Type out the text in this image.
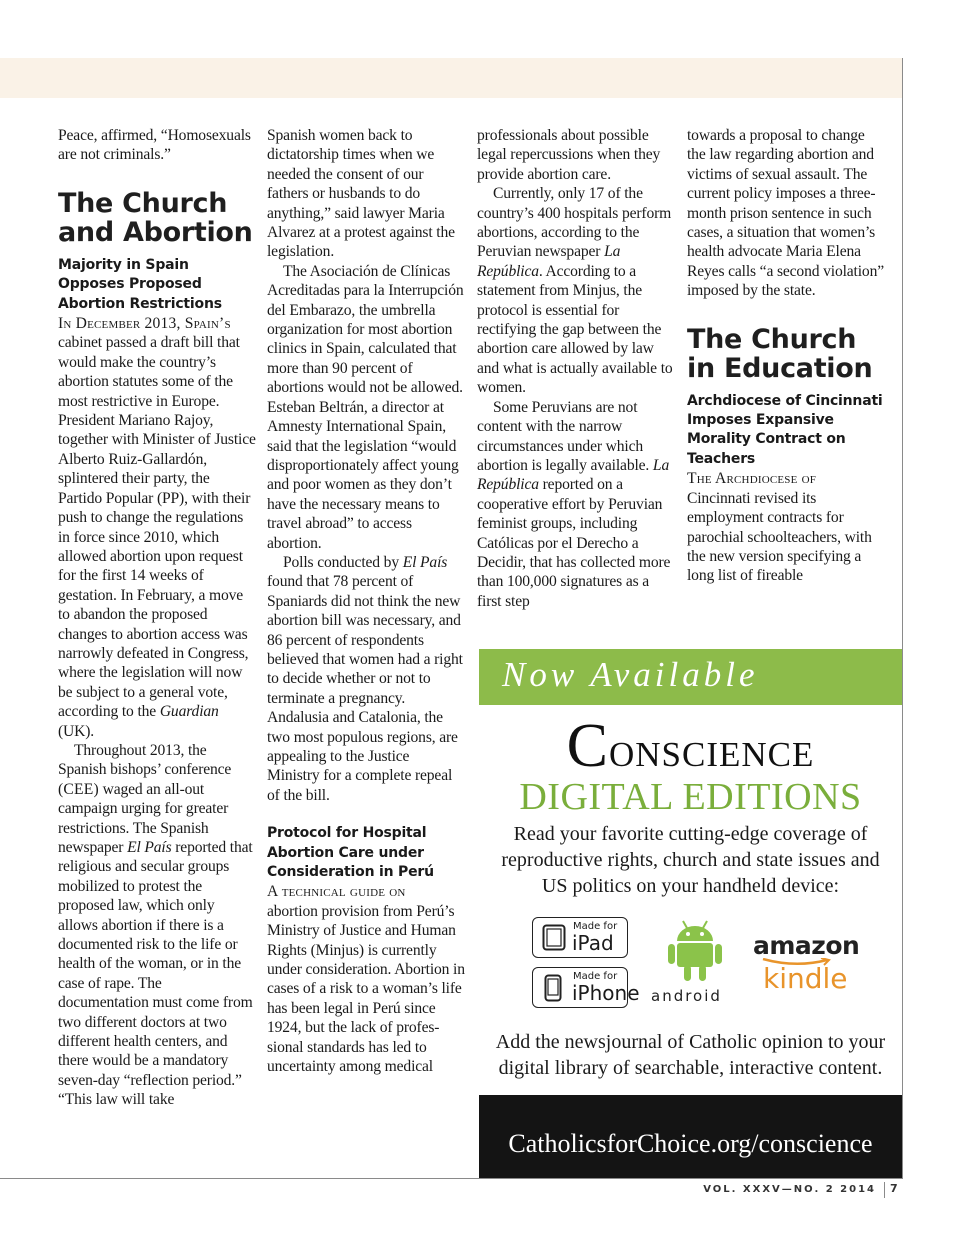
Peace, affirmed, “Homosexuals are not criminals.”

The Church and Abortion
Majority in Spain Opposes Proposed Abortion Restrictions

In December 2013, Spain’s
cabinet passed a draft bill that would make the country’s abortion statutes some of the most restrictive in Europe. President Mariano Rajoy, together with Minister of Justice Alberto Ruiz-Gallardón, splintered their party, the Partido Popular (PP), with their push to change the regulations in force since 2010, which allowed abortion upon request for the first 14 weeks of gestation. In February, a move to abandon the proposed changes to abortion access was narrowly defeated in Congress, where the legislation will now be subject to a general vote, according to the Guardian (UK).

Throughout 2013, the Spanish bishops’ conference (CEE) waged an all-out campaign urging for greater restrictions. The Spanish newspaper El País reported that religious and secular groups mobilized to protest the proposed law, which only allows abortion if there is a documented risk to the life or health of the woman, or in the case of rape. The documentation must come from two different doctors at two different health centers, and there would be a mandatory seven-day “reflection period.” “This law will take

Spanish women back to dictatorship times when we needed the consent of our fathers or husbands to do anything,” said lawyer Maria Alvarez at a protest against the legislation.

The Asociación de Clínicas Acreditadas para la Interrupción del Embarazo, the umbrella organization for most abortion clinics in Spain, calculated that more than 90 percent of abortions would not be allowed. Esteban Beltrán, a director at Amnesty International Spain, said that the legislation “would disproportionately affect young and poor women as they don’t have the necessary means to travel abroad” to access abortion.

Polls conducted by El País found that 78 percent of Spaniards did not think the new abortion bill was necessary, and 86 percent of respondents believed that women had a right to decide whether or not to terminate a pregnancy. Andalusia and Catalonia, the two most populous regions, are appealing to the Justice Ministry for a complete repeal of the bill.

Protocol for Hospital Abortion Care under Consideration in Perú

A technical guide on
abortion provision from Perú’s Ministry of Justice and Human Rights (Minjus) is currently under consideration. Abortion in cases of a risk to a woman’s life has been legal in Perú since 1924, but the lack of professional standards has led to uncertainty among medical

professionals about possible legal repercussions when they provide abortion care.

Currently, only 17 of the country’s 400 hospitals perform abortions, according to the Peruvian newspaper La República. According to a statement from Minjus, the protocol is essential for rectifying the gap between the abortion care allowed by law and what is actually available to women.

Some Peruvians are not content with the narrow circumstances under which abortion is legally available. La República reported on a cooperative effort by Peruvian feminist groups, including Católicas por el Derecho a Decidir, that has collected more than 100,000 signatures as a first step

towards a proposal to change the law regarding abortion and victims of sexual assault. The current policy imposes a three-month prison sentence in such cases, a situation that women’s health advocate Maria Elena Reyes calls “a second violation” imposed by the state.

The Church in Education
Archdiocese of Cincinnati Imposes Expansive Morality Contract on Teachers

The Archdiocese of
Cincinnati revised its employment contracts for parochial schoolteachers, with the new version specifying a long list of fireable

Now Available
Conscience
DIGITAL EDITIONS
Read your favorite cutting-edge coverage of reproductive rights, church and state issues and US politics on your handheld device:
Made for
iPad
Made for
iPhone android
amazon
kindle
Add the newsjournal of Catholic opinion to your digital library of searchable, interactive content.
CatholicsforChoice.org/conscience
VOL. XXXV—NO. 2 2014	7
